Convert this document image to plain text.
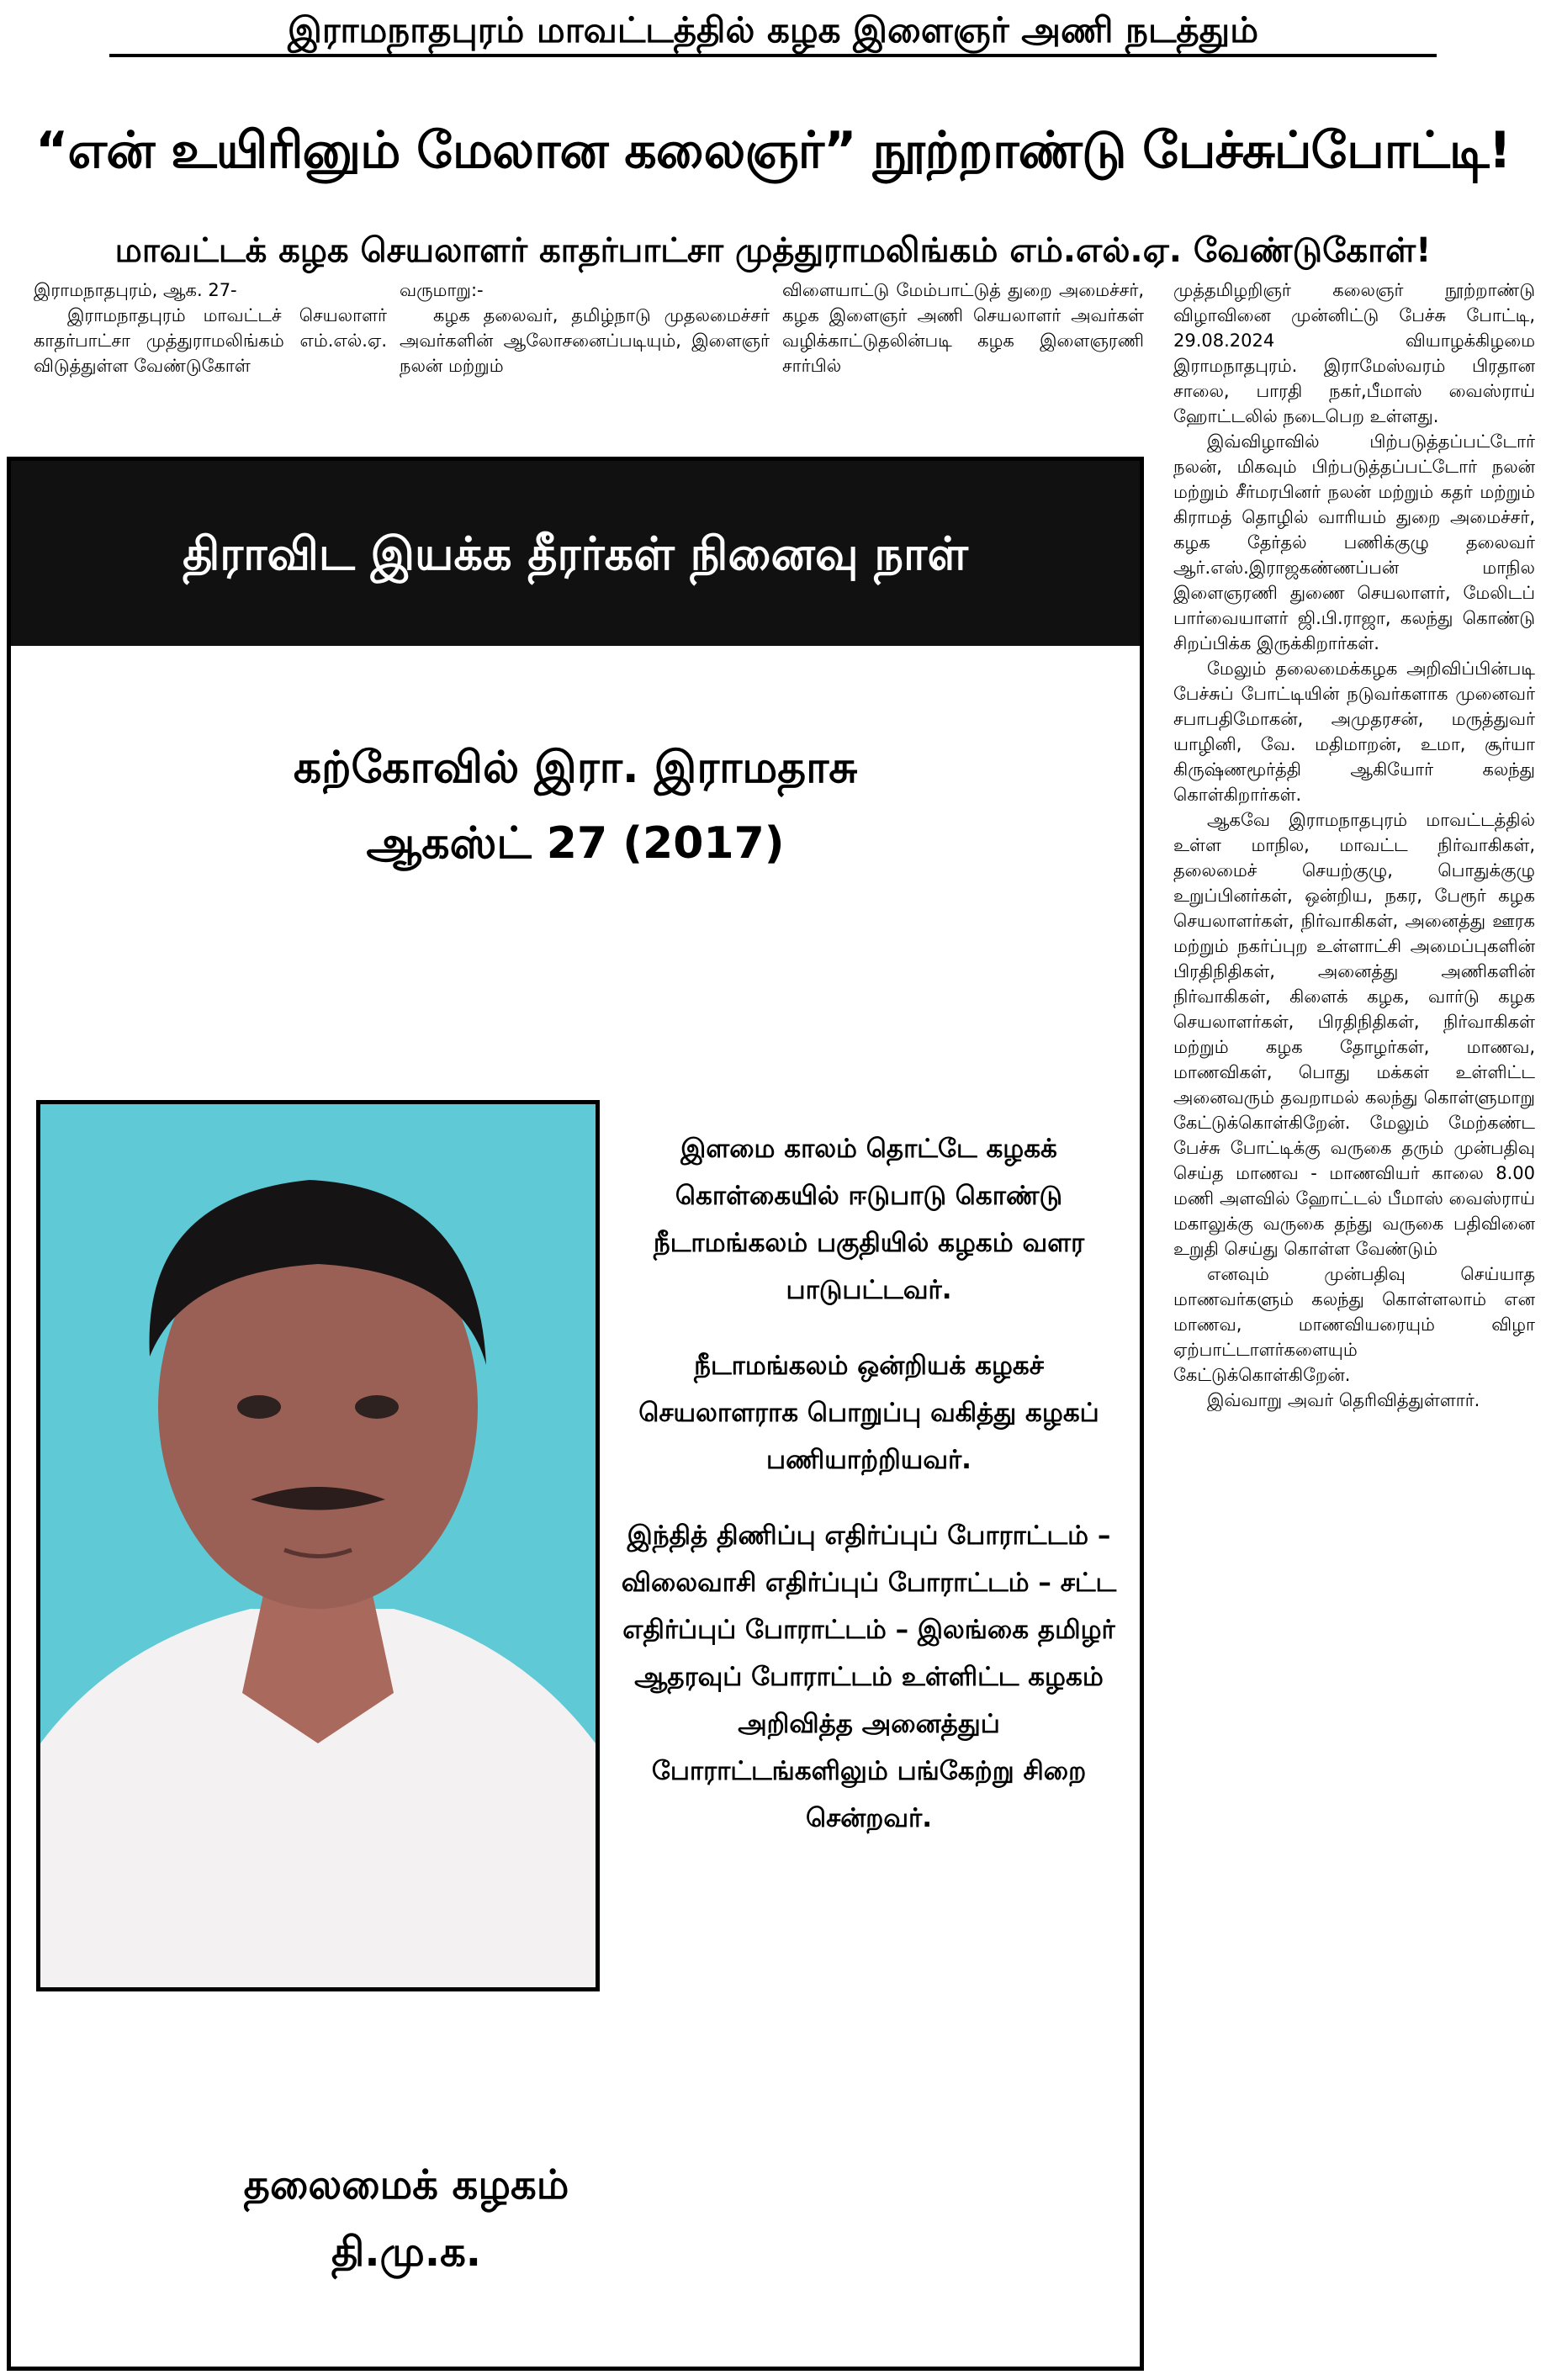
இராமநாதபுரம் மாவட்டத்தில் கழக இளைஞர் அணி நடத்தும்
“என் உயிரினும் மேலான கலைஞர்” நூற்றாண்டு பேச்சுப்போட்டி!
மாவட்டக் கழக செயலாளர் காதர்பாட்சா முத்துராமலிங்கம் எம்.எல்.ஏ. வேண்டுகோள்!

இராமநாதபுரம், ஆக. 27-

இராமநாதபுரம் மாவட்டச் செயலாளர் காதர்பாட்சா முத்துராமலிங்கம் எம்.எல்.ஏ. விடுத்துள்ள வேண்டுகோள்

வருமாறு:-

கழக தலைவர், தமிழ்நாடு முதலமைச்சர் அவர்களின் ஆலோசனைப்படியும், இளைஞர் நலன் மற்றும்

விளையாட்டு மேம்பாட்டுத் துறை அமைச்சர், கழக இளைஞர் அணி செயலாளர் அவர்கள் வழிக்காட்டுதலின்படி கழக இளைஞரணி சார்பில்

முத்தமிழறிஞர் கலைஞர் நூற்றாண்டு விழாவினை முன்னிட்டு பேச்சு போட்டி, 29.08.2024 வியாழக்கிழமை இராமநாதபுரம். இராமேஸ்வரம் பிரதான சாலை, பாரதி நகர்,பீமாஸ் வைஸ்ராய் ஹோட்டலில் நடைபெற உள்ளது.

இவ்விழாவில் பிற்படுத்தப்பட்டோர் நலன், மிகவும் பிற்படுத்தப்பட்டோர் நலன் மற்றும் சீர்மரபினர் நலன் மற்றும் கதர் மற்றும் கிராமத் தொழில் வாரியம் துறை அமைச்சர், கழக தேர்தல் பணிக்குழு தலைவர் ஆர்.எஸ்.இராஜகண்ணப்பன் மாநில இளைஞரணி துணை செயலாளர், மேலிடப் பார்வையாளர் ஜி.பி.ராஜா, கலந்து கொண்டு சிறப்பிக்க இருக்கிறார்கள்.

மேலும் தலைமைக்கழக அறிவிப்பின்படி பேச்சுப் போட்டியின் நடுவர்களாக முனைவர் சபாபதிமோகன், அமுதரசன், மருத்துவர் யாழினி, வே. மதிமாறன், உமா, சூர்யா கிருஷ்ணமூர்த்தி ஆகியோர் கலந்து கொள்கிறார்கள்.

ஆகவே இராமநாதபுரம் மாவட்டத்தில் உள்ள மாநில, மாவட்ட நிர்வாகிகள், தலைமைச் செயற்குழு, பொதுக்குழு உறுப்பினர்கள், ஒன்றிய, நகர, பேரூர் கழக செயலாளர்கள், நிர்வாகிகள், அனைத்து ஊரக மற்றும் நகர்ப்புற உள்ளாட்சி அமைப்புகளின் பிரதிநிதிகள், அனைத்து அணிகளின் நிர்வாகிகள், கிளைக் கழக, வார்டு கழக செயலாளர்கள், பிரதிநிதிகள், நிர்வாகிகள் மற்றும் கழக தோழர்கள், மாணவ, மாணவிகள், பொது மக்கள் உள்ளிட்ட அனைவரும் தவறாமல் கலந்து கொள்ளுமாறு கேட்டுக்கொள்கிறேன். மேலும் மேற்கண்ட பேச்சு போட்டிக்கு வருகை தரும் முன்பதிவு செய்த மாணவ - மாணவியர் காலை 8.00 மணி அளவில் ஹோட்டல் பீமாஸ் வைஸ்ராய் மகாலுக்கு வருகை தந்து வருகை பதிவினை உறுதி செய்து கொள்ள வேண்டும்

எனவும் முன்பதிவு செய்யாத மாணவர்களும் கலந்து கொள்ளலாம் என மாணவ, மாணவியரையும் விழா ஏற்பாட்டாளர்களையும் கேட்டுக்கொள்கிறேன்.

இவ்வாறு அவர் தெரிவித்துள்ளார்.

திராவிட இயக்க தீரர்கள் நினைவு நாள்
கற்கோவில் இரா. இராமதாசு
ஆகஸ்ட் 27 (2017)

இளமை காலம் தொட்டே கழகக் கொள்கையில் ஈடுபாடு கொண்டு நீடாமங்கலம் பகுதியில் கழகம் வளர பாடுபட்டவர்.

நீடாமங்கலம் ஒன்றியக் கழகச் செயலாளராக பொறுப்பு வகித்து கழகப் பணியாற்றியவர்.

இந்தித் திணிப்பு எதிர்ப்புப் போராட்டம் – விலைவாசி எதிர்ப்புப் போராட்டம் – சட்ட எதிர்ப்புப் போராட்டம் – இலங்கை தமிழர் ஆதரவுப் போராட்டம் உள்ளிட்ட கழகம் அறிவித்த அனைத்துப் போராட்டங்களிலும் பங்கேற்று சிறை சென்றவர்.

தலைமைக் கழகம்
தி.மு.க.
